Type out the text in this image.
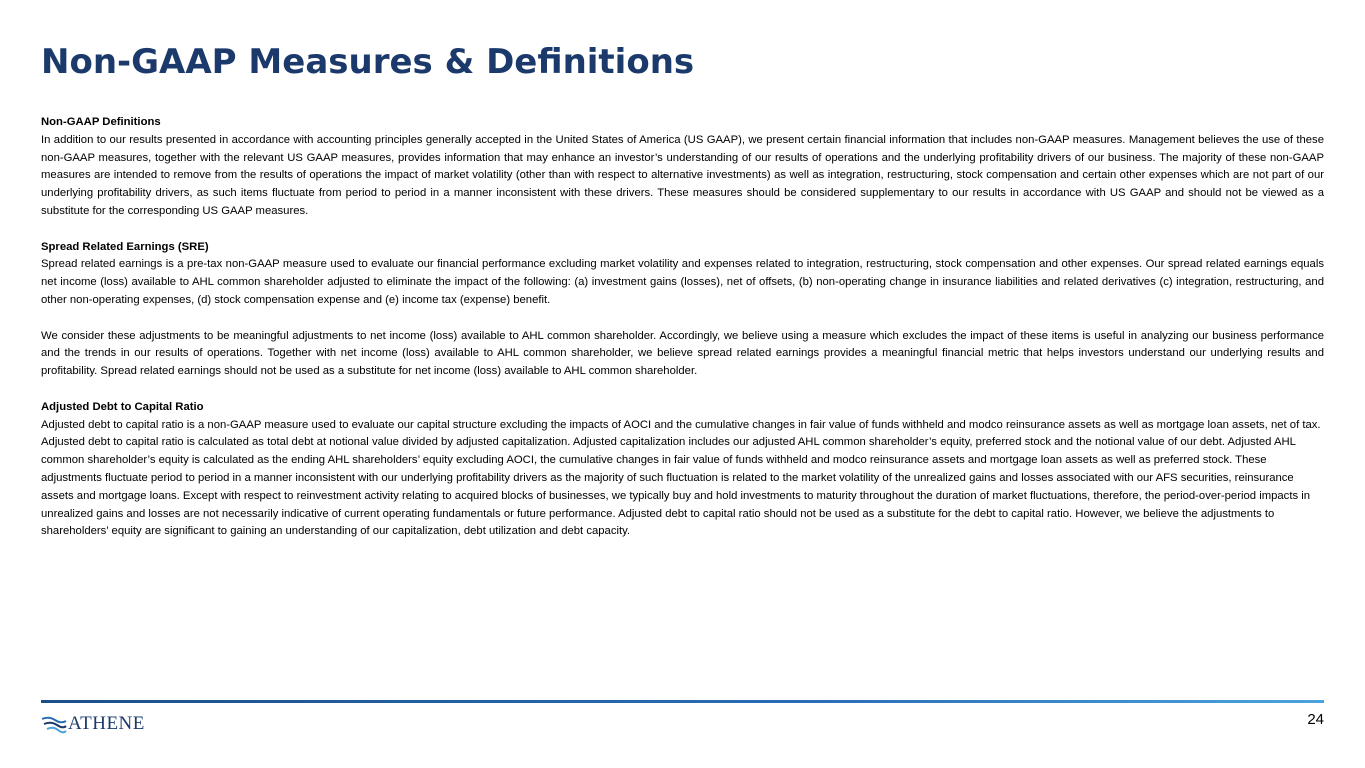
Non-GAAP Measures & Definitions

Non-GAAP Definitions

In addition to our results presented in accordance with accounting principles generally accepted in the United States of America (US GAAP), we present certain financial information that includes non-GAAP measures. Management believes the use of these non-GAAP measures, together with the relevant US GAAP measures, provides information that may enhance an investor’s understanding of our results of operations and the underlying profitability drivers of our business. The majority of these non-GAAP measures are intended to remove from the results of operations the impact of market volatility (other than with respect to alternative investments) as well as integration, restructuring, stock compensation and certain other expenses which are not part of our underlying profitability drivers, as such items fluctuate from period to period in a manner inconsistent with these drivers. These measures should be considered supplementary to our results in accordance with US GAAP and should not be viewed as a substitute for the corresponding US GAAP measures.

Spread Related Earnings (SRE)

Spread related earnings is a pre-tax non-GAAP measure used to evaluate our financial performance excluding market volatility and expenses related to integration, restructuring, stock compensation and other expenses. Our spread related earnings equals net income (loss) available to AHL common shareholder adjusted to eliminate the impact of the following: (a) investment gains (losses), net of offsets, (b) non-operating change in insurance liabilities and related derivatives (c) integration, restructuring, and other non-operating expenses, (d) stock compensation expense and (e) income tax (expense) benefit.

We consider these adjustments to be meaningful adjustments to net income (loss) available to AHL common shareholder. Accordingly, we believe using a measure which excludes the impact of these items is useful in analyzing our business performance and the trends in our results of operations. Together with net income (loss) available to AHL common shareholder, we believe spread related earnings provides a meaningful financial metric that helps investors understand our underlying results and profitability. Spread related earnings should not be used as a substitute for net income (loss) available to AHL common shareholder.

Adjusted Debt to Capital Ratio

Adjusted debt to capital ratio is a non-GAAP measure used to evaluate our capital structure excluding the impacts of AOCI and the cumulative changes in fair value of funds withheld and modco reinsurance assets as well as mortgage loan assets, net of tax. Adjusted debt to capital ratio is calculated as total debt at notional value divided by adjusted capitalization. Adjusted capitalization includes our adjusted AHL common shareholder’s equity, preferred stock and the notional value of our debt. Adjusted AHL common shareholder’s equity is calculated as the ending AHL shareholders’ equity excluding AOCI, the cumulative changes in fair value of funds withheld and modco reinsurance assets and mortgage loan assets as well as preferred stock. These adjustments fluctuate period to period in a manner inconsistent with our underlying profitability drivers as the majority of such fluctuation is related to the market volatility of the unrealized gains and losses associated with our AFS securities, reinsurance assets and mortgage loans. Except with respect to reinvestment activity relating to acquired blocks of businesses, we typically buy and hold investments to maturity throughout the duration of market fluctuations, therefore, the period-over-period impacts in unrealized gains and losses are not necessarily indicative of current operating fundamentals or future performance. Adjusted debt to capital ratio should not be used as a substitute for the debt to capital ratio. However, we believe the adjustments to shareholders’ equity are significant to gaining an understanding of our capitalization, debt utilization and debt capacity.

ATHENE	24
